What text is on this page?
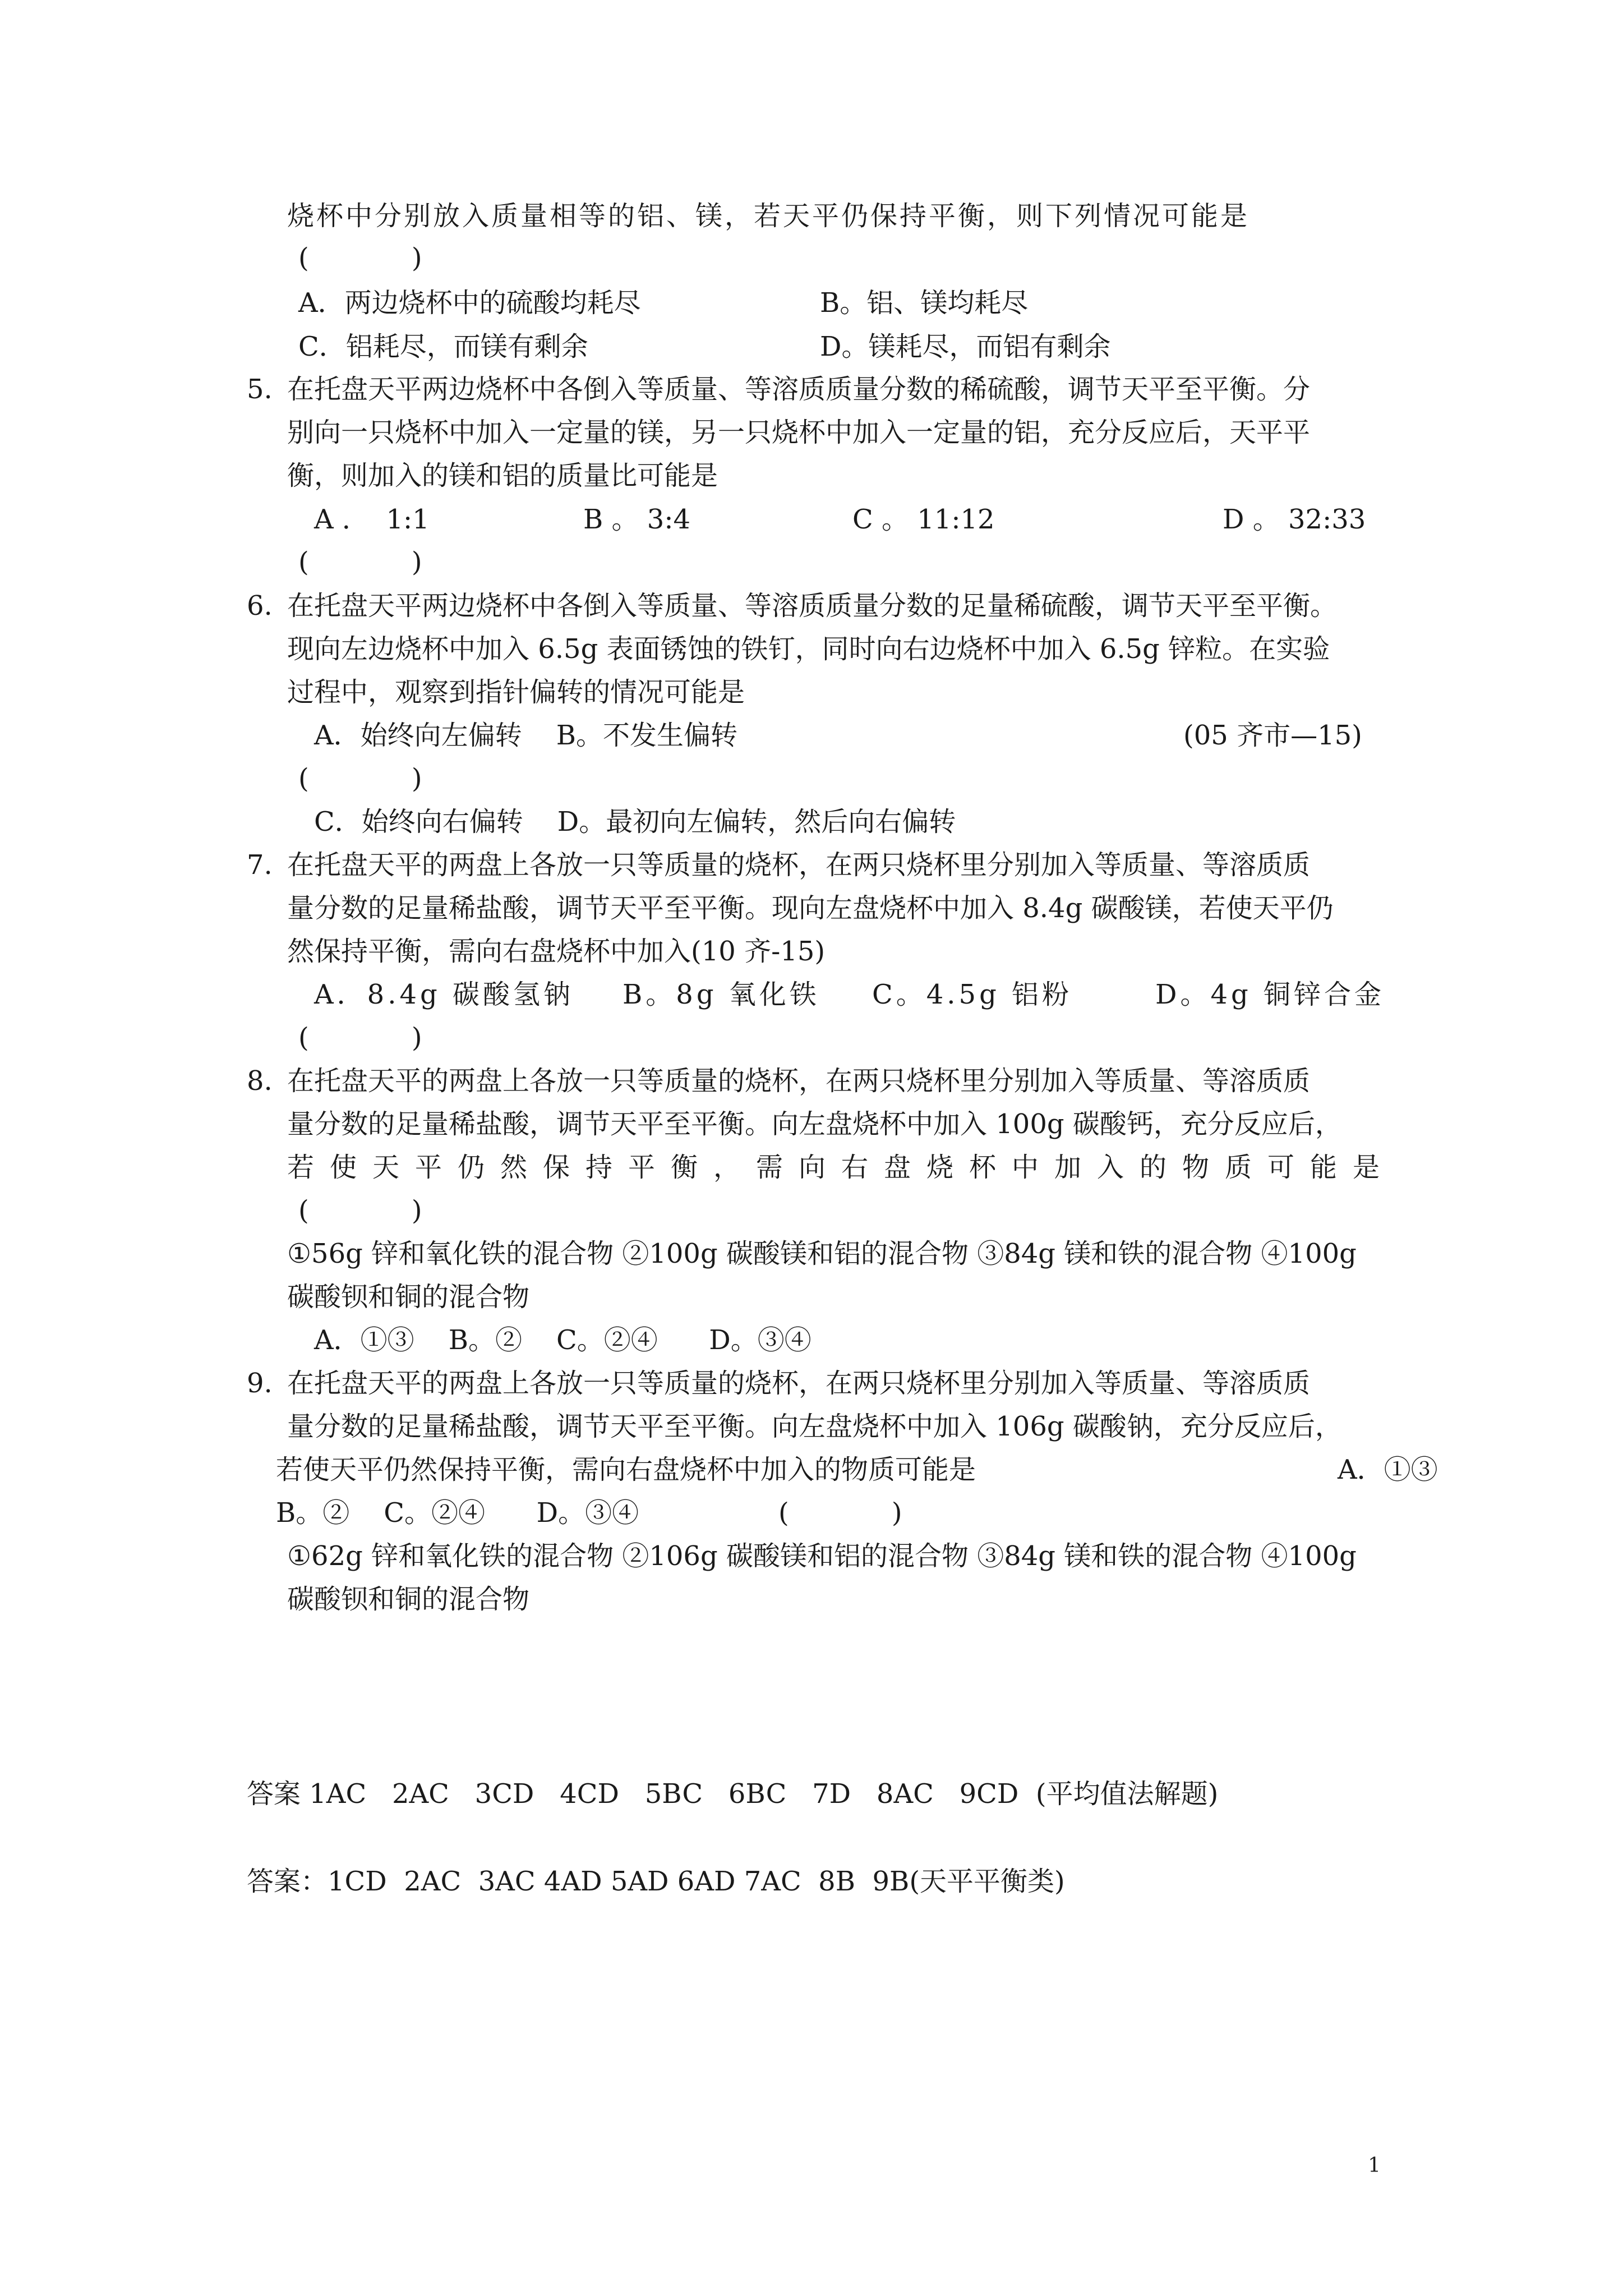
烧杯中分别放入质量相等的铝、镁，若天平仍保持平衡，则下列情况可能是
(            )
A．两边烧杯中的硫酸均耗尽	B。铝、镁均耗尽
C．铝耗尽，而镁有剩余	D。镁耗尽，而铝有剩余
5. 在托盘天平两边烧杯中各倒入等质量、等溶质质量分数的稀硫酸，调节天平至平衡。分
别向一只烧杯中加入一定量的镁，另一只烧杯中加入一定量的铝，充分反应后，天平平
衡，则加入的镁和铝的质量比可能是
A ．  1:1	B 。 3:4	C 。 11:12	D 。 32:33
(            )
6. 在托盘天平两边烧杯中各倒入等质量、等溶质质量分数的足量稀硫酸，调节天平至平衡。
现向左边烧杯中加入 6.5g 表面锈蚀的铁钉，同时向右边烧杯中加入 6.5g 锌粒。在实验
过程中，观察到指针偏转的情况可能是
A．始终向左偏转    B。不发生偏转	(05 齐市—15)
(            )
C．始终向右偏转    D。最初向左偏转，然后向右偏转
7. 在托盘天平的两盘上各放一只等质量的烧杯，在两只烧杯里分别加入等质量、等溶质质
量分数的足量稀盐酸，调节天平至平衡。现向左盘烧杯中加入 8.4g 碳酸镁，若使天平仍
然保持平衡，需向右盘烧杯中加入(10 齐-15)
A．8.4g 碳酸氢钠 B。8g 氧化铁 C。4.5g 铝粉	D。4g 铜锌合金
(            )
8. 在托盘天平的两盘上各放一只等质量的烧杯，在两只烧杯里分别加入等质量、等溶质质
量分数的足量稀盐酸，调节天平至平衡。向左盘烧杯中加入 100g 碳酸钙，充分反应后，
若使天平仍然保持平衡，需向右盘烧杯中加入的物质可能是
(            )
①56g 锌和氧化铁的混合物 ②100g 碳酸镁和铝的混合物 ③84g 镁和铁的混合物 ④100g
碳酸钡和铜的混合物
A．①③    B。②    C。②④      D。③④
9. 在托盘天平的两盘上各放一只等质量的烧杯，在两只烧杯里分别加入等质量、等溶质质
量分数的足量稀盐酸，调节天平至平衡。向左盘烧杯中加入 106g 碳酸钠，充分反应后，
若使天平仍然保持平衡，需向右盘烧杯中加入的物质可能是	A．①③
B。②    C。②④      D。③④	(            )
①62g 锌和氧化铁的混合物 ②106g 碳酸镁和铝的混合物 ③84g 镁和铁的混合物 ④100g
碳酸钡和铜的混合物
答案 1AC   2AC   3CD   4CD   5BC   6BC   7D   8AC   9CD  (平均值法解题)
答案：1CD  2AC  3AC 4AD 5AD 6AD 7AC  8B  9B(天平平衡类)
1
